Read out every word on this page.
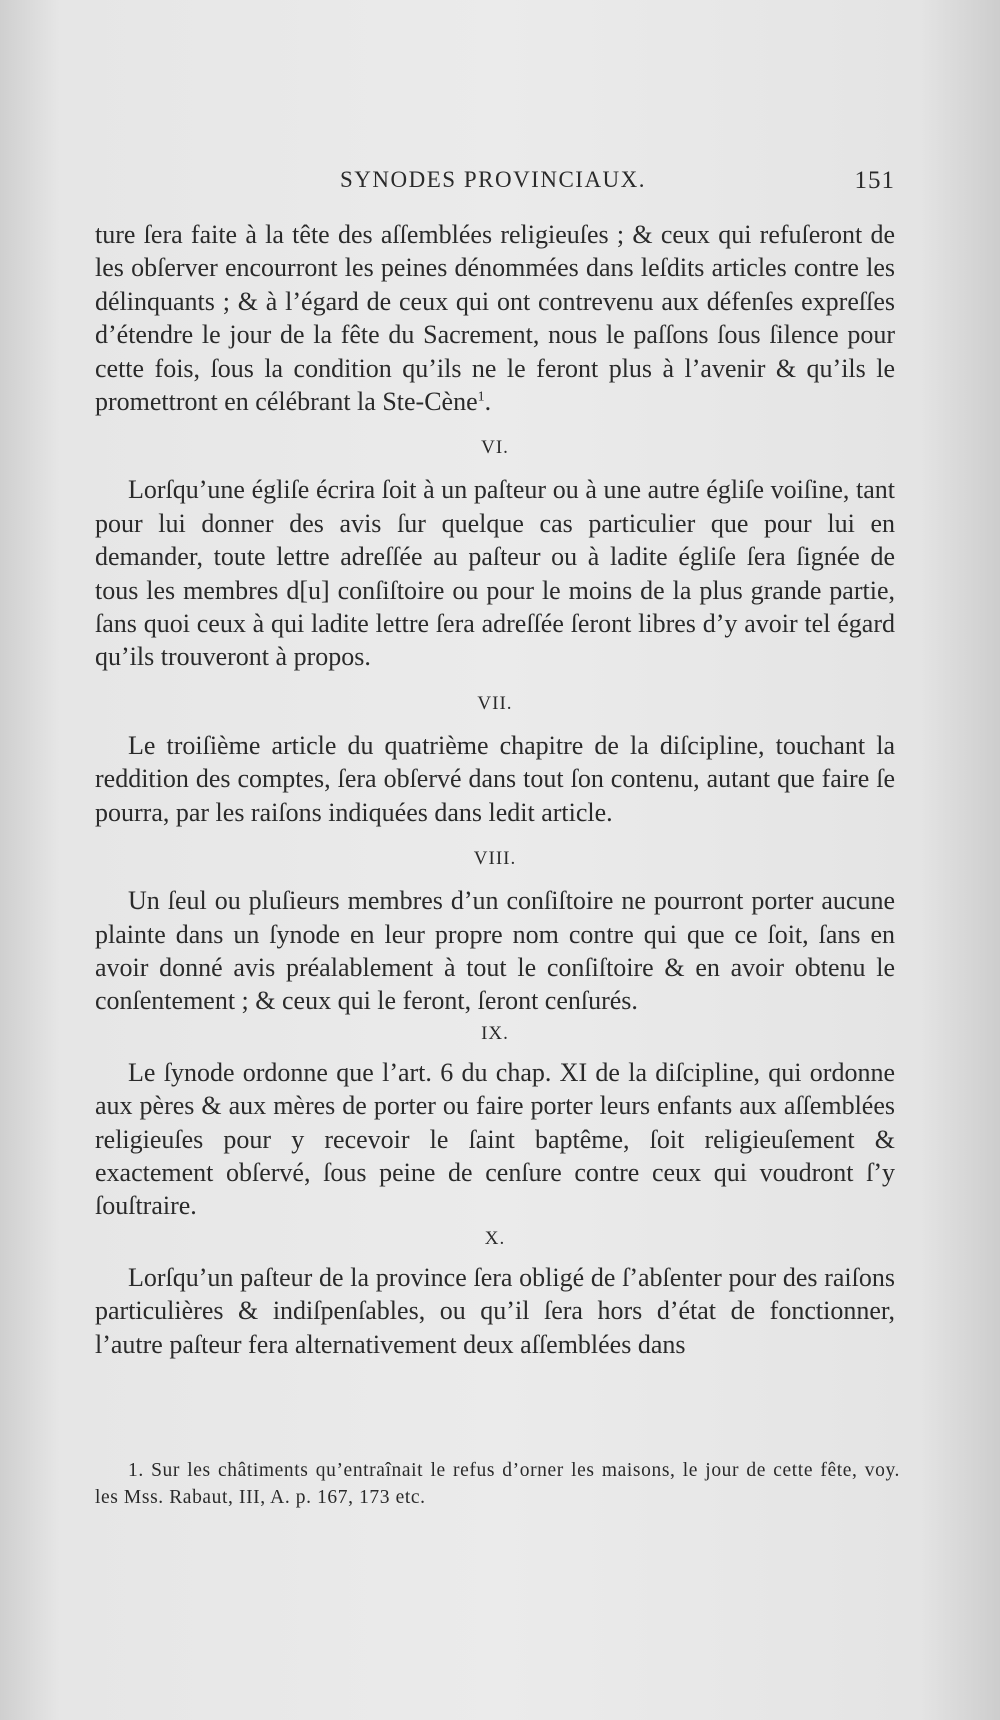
SYNODES PROVINCIAUX.	151

ture ſera faite à la tête des aſſemblées religieuſes ; & ceux qui refuſeront de les obſerver encourront les peines dénommées dans leſdits articles contre les délinquants ; & à l’égard de ceux qui ont contrevenu aux défenſes expreſſes d’étendre le jour de la fête du Sacrement, nous le paſſons ſous ſilence pour cette fois, ſous la condition qu’ils ne le feront plus à l’avenir & qu’ils le promettront en célébrant la Ste-Cène$^1$.

VI.

Lorſqu’une égliſe écrira ſoit à un paſteur ou à une autre égliſe voiſine, tant pour lui donner des avis ſur quelque cas particulier que pour lui en demander, toute lettre adreſſée au paſteur ou à ladite égliſe ſera ſignée de tous les membres d[u] conſiſtoire ou pour le moins de la plus grande partie, ſans quoi ceux à qui ladite lettre ſera adreſſée ſeront libres d’y avoir tel égard qu’ils trouveront à propos.

VII.

Le troiſième article du quatrième chapitre de la diſcipline, touchant la reddition des comptes, ſera obſervé dans tout ſon contenu, autant que faire ſe pourra, par les raiſons indiquées dans ledit article.

VIII.

Un ſeul ou pluſieurs membres d’un conſiſtoire ne pourront porter aucune plainte dans un ſynode en leur propre nom contre qui que ce ſoit, ſans en avoir donné avis préalablement à tout le conſiſtoire & en avoir obtenu le conſentement ; & ceux qui le feront, ſeront cenſurés.

IX.

Le ſynode ordonne que l’art. 6 du chap. XI de la diſcipline, qui ordonne aux pères & aux mères de porter ou faire porter leurs enfants aux aſſemblées religieuſes pour y recevoir le ſaint baptême, ſoit religieuſement & exactement obſervé, ſous peine de cenſure contre ceux qui voudront ſ’y ſouſtraire.

X.

Lorſqu’un paſteur de la province ſera obligé de ſ’abſenter pour des raiſons particulières & indiſpenſables, ou qu’il ſera hors d’état de fonctionner, l’autre paſteur fera alternativement deux aſſemblées dans

1. Sur les châtiments qu’entraînait le refus d’orner les maisons, le jour de cette fête, voy. les Mss. Rabaut, III, A. p. 167, 173 etc.
